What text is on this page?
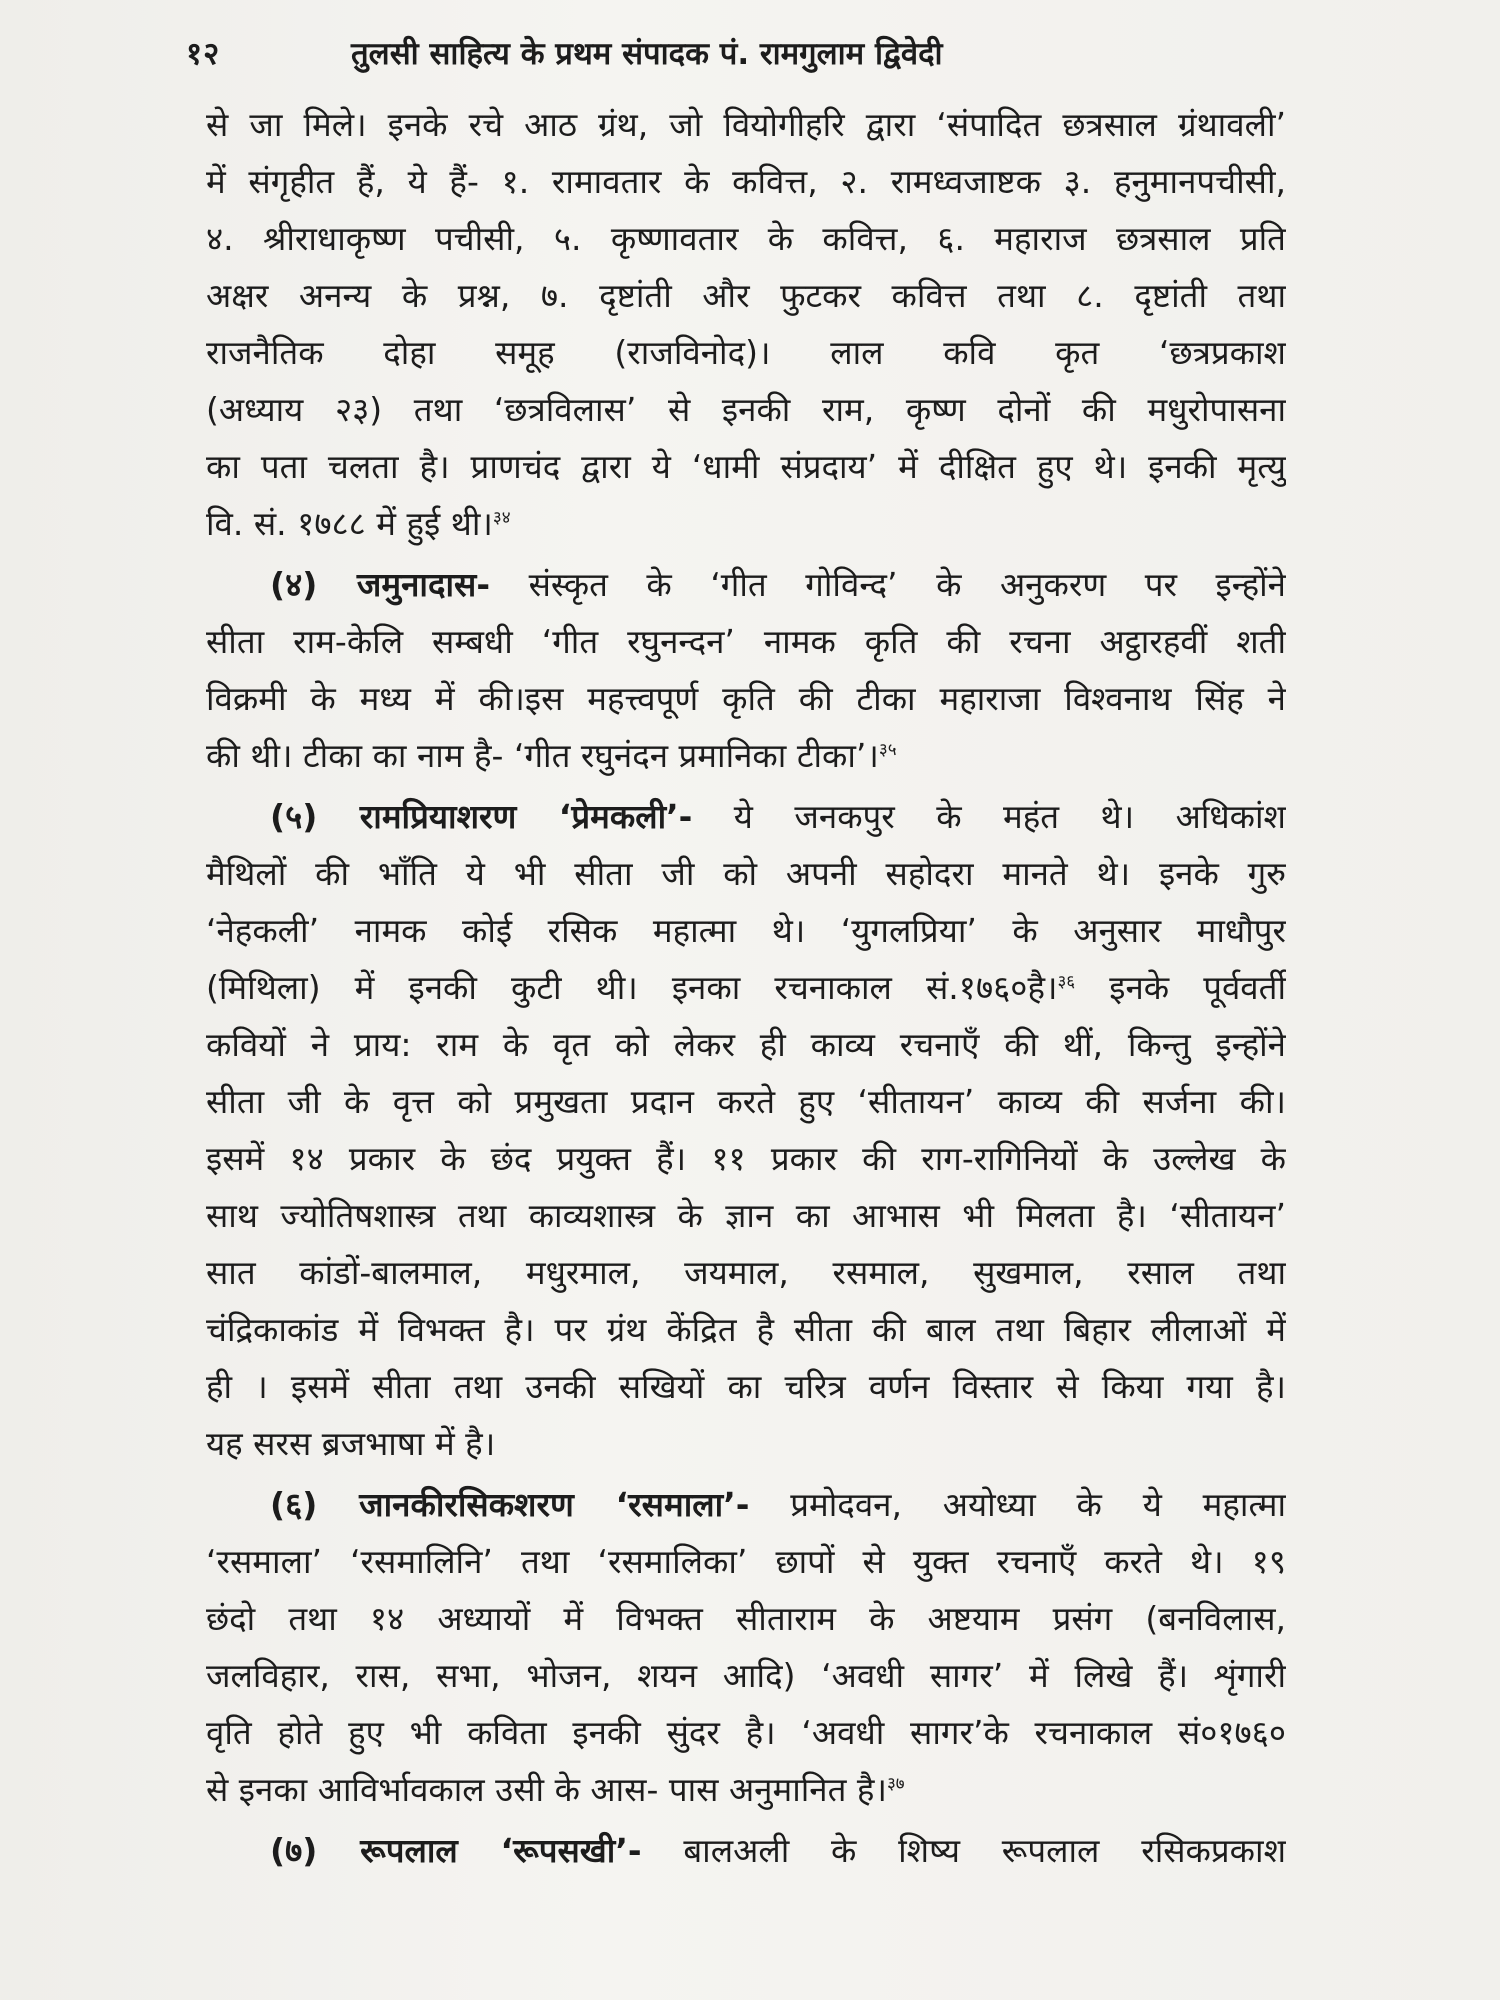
१२	तुलसी साहित्य के प्रथम संपादक पं. रामगुलाम द्विवेदी
से जा मिले। इनके रचे आठ ग्रंथ, जो वियोगीहरि द्वारा ‘संपादित छत्रसाल ग्रंथावली’
में संगृहीत हैं, ये हैं- १. रामावतार के कवित्त, २. रामध्वजाष्टक ३. हनुमानपचीसी,
४. श्रीराधाकृष्ण पचीसी, ५. कृष्णावतार के कवित्त, ६. महाराज छत्रसाल प्रति
अक्षर अनन्य के प्रश्न, ७. दृष्टांती और फुटकर कवित्त तथा ८. दृष्टांती तथा
राजनैतिक दोहा समूह (राजविनोद)। लाल कवि कृत ‘छत्रप्रकाश
(अध्याय २३) तथा ‘छत्रविलास’ से इनकी राम, कृष्ण दोनों की मधुरोपासना
का पता चलता है। प्राणचंद द्वारा ये ‘धामी संप्रदाय’ में दीक्षित हुए थे। इनकी मृत्यु
वि. सं. १७८८ में हुई थी।$^{३४}$
(४) जमुनादास- संस्कृत के ‘गीत गोविन्द’ के अनुकरण पर इन्होंने
सीता राम-केलि सम्बधी ‘गीत रघुनन्दन’ नामक कृति की रचना अट्ठारहवीं शती
विक्रमी के मध्य में की।इस महत्त्वपूर्ण कृति की टीका महाराजा विश्वनाथ सिंह ने
की थी। टीका का नाम है- ‘गीत रघुनंदन प्रमानिका टीका’।$^{३५}$
(५) रामप्रियाशरण ‘प्रेमकली’- ये जनकपुर के महंत थे। अधिकांश
मैथिलों की भाँति ये भी सीता जी को अपनी सहोदरा मानते थे। इनके गुरु
‘नेहकली’ नामक कोई रसिक महात्मा थे। ‘युगलप्रिया’ के अनुसार माधौपुर
(मिथिला) में इनकी कुटी थी। इनका रचनाकाल सं.१७६०है।$^{३६}$ इनके पूर्ववर्ती
कवियों ने प्राय: राम के वृत को लेकर ही काव्य रचनाएँ की थीं, किन्तु इन्होंने
सीता जी के वृत्त को प्रमुखता प्रदान करते हुए ‘सीतायन’ काव्य की सर्जना की।
इसमें १४ प्रकार के छंद प्रयुक्त हैं। ११ प्रकार की राग-रागिनियों के उल्लेख के
साथ ज्योतिषशास्त्र तथा काव्यशास्त्र के ज्ञान का आभास भी मिलता है। ‘सीतायन’
सात कांडों-बालमाल, मधुरमाल, जयमाल, रसमाल, सुखमाल, रसाल तथा
चंद्रिकाकांड में विभक्त है। पर ग्रंथ केंद्रित है सीता की बाल तथा बिहार लीलाओं में
ही । इसमें सीता तथा उनकी सखियों का चरित्र वर्णन विस्तार से किया गया है।
यह सरस ब्रजभाषा में है।
(६) जानकीरसिकशरण ‘रसमाला’- प्रमोदवन, अयोध्या के ये महात्मा
‘रसमाला’ ‘रसमालिनि’ तथा ‘रसमालिका’ छापों से युक्त रचनाएँ करते थे। १९
छंदो तथा १४ अध्यायों में विभक्त सीताराम के अष्टयाम प्रसंग (बनविलास,
जलविहार, रास, सभा, भोजन, शयन आदि) ‘अवधी सागर’ में लिखे हैं। शृंगारी
वृति होते हुए भी कविता इनकी सुंदर है। ‘अवधी सागर’के रचनाकाल सं०१७६०
से इनका आविर्भावकाल उसी के आस- पास अनुमानित है।$^{३७}$
(७) रूपलाल ‘रूपसखी’- बालअली के शिष्य रूपलाल रसिकप्रकाश
